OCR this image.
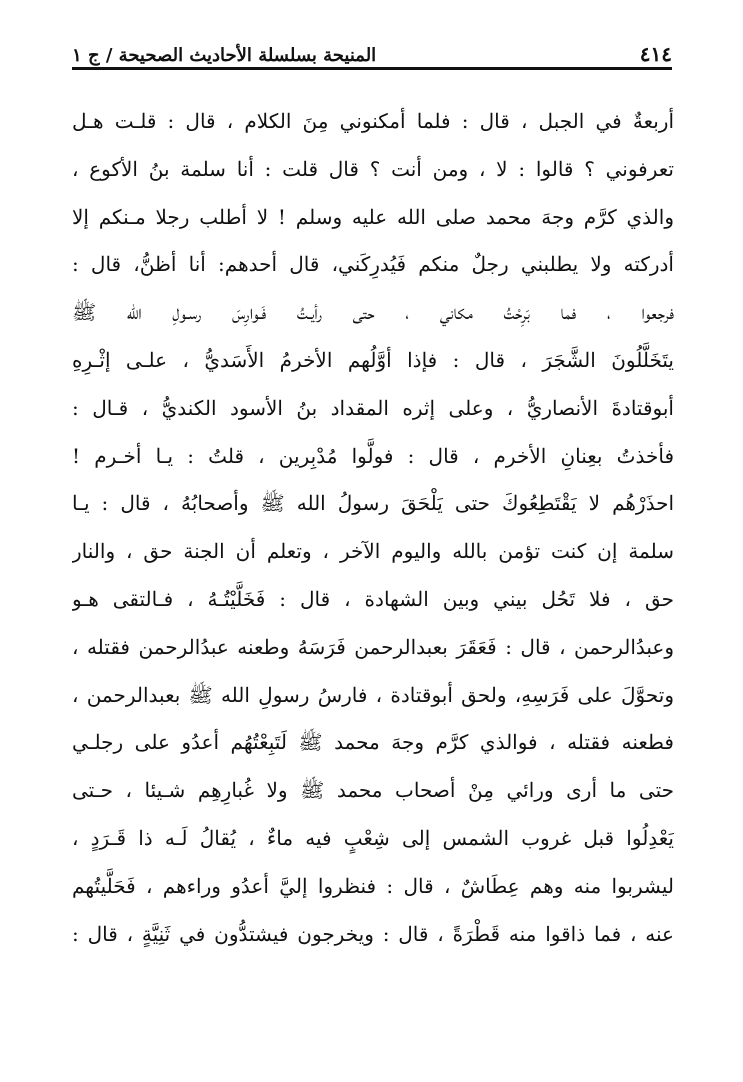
٤١٤
المنيحة بسلسلة الأحاديث الصحيحة / ج ١
أربعةٌ في الجبل ، قال : فلما أمكنوني مِنَ الكلام ، قال : قلـت هـل
تعرفوني ؟ قالوا : لا ، ومن أنت ؟ قال قلت : أنا سلمة بنُ الأكوع ،
والذي كرَّم وجهَ محمد صلى الله عليه وسلم ! لا أطلب رجلا مـنكم إلا
أدركته ولا يطلبني رجلٌ منكم فَيُدرِكَني، قال أحدهم: أنا أظنُّ، قال :
فرجعوا ، فما بَرِحْتُ مكاني ، حتى رأيـتُ فَـوارِسَ رسـولِ الله ﷺ
يتَخَلَّلُونَ الشَّجَرَ ، قال : فإذا أوَّلُهم الأخرمُ الأَسَديُّ ، علـى إثْـرِهِ
أبوقتادةَ الأنصاريُّ ، وعلى إثره المقداد بنُ الأسود الكنديُّ ، قـال :
فأخذتُ بعِنانِ الأخرم ، قال : فولَّوا مُدْبِرين ، قلتُ : يـا أخـرم !
احذَرْهُم لا يَقْتَطِعُوكَ حتى يَلْحَقَ رسولُ الله ﷺ وأصحابُهُ ، قال : يـا
سلمة إن كنت تؤمن بالله واليوم الآخر ، وتعلم أن الجنة حق ، والنار
حق ، فلا تَحُل بيني وبين الشهادة ، قال : فَخَلَّيْتُـهُ ، فـالتقى هـو
وعبدُالرحمن ، قال : فَعَقَرَ بعبدالرحمن فَرَسَهُ وطعنه عبدُالرحمن فقتله ،
وتحوَّلَ على فَرَسِهِ، ولحق أبوقتادة ، فارسُ رسولِ الله ﷺ بعبدالرحمن ،
فطعنه فقتله ، فوالذي كرَّم وجهَ محمد ﷺ لَتَبِعْتُهُم أعدُو على رجلـي
حتى ما أرى ورائي مِنْ أصحاب محمد ﷺ ولا غُبارِهِم شـيئا ، حـتى
يَعْدِلُوا قبل غروب الشمس إلى شِعْبٍ فيه ماءٌ ، يُقالُ لَـه ذا قَـرَدٍ ،
ليشربوا منه وهم عِطَاشٌ ، قال : فنظروا إليَّ أعدُو وراءهم ، فَحَلَّيتُهم
عنه ، فما ذاقوا منه قَطْرَةً ، قال : ويخرجون فيشتدُّون في ثَنِيَّةٍ ، قال :
